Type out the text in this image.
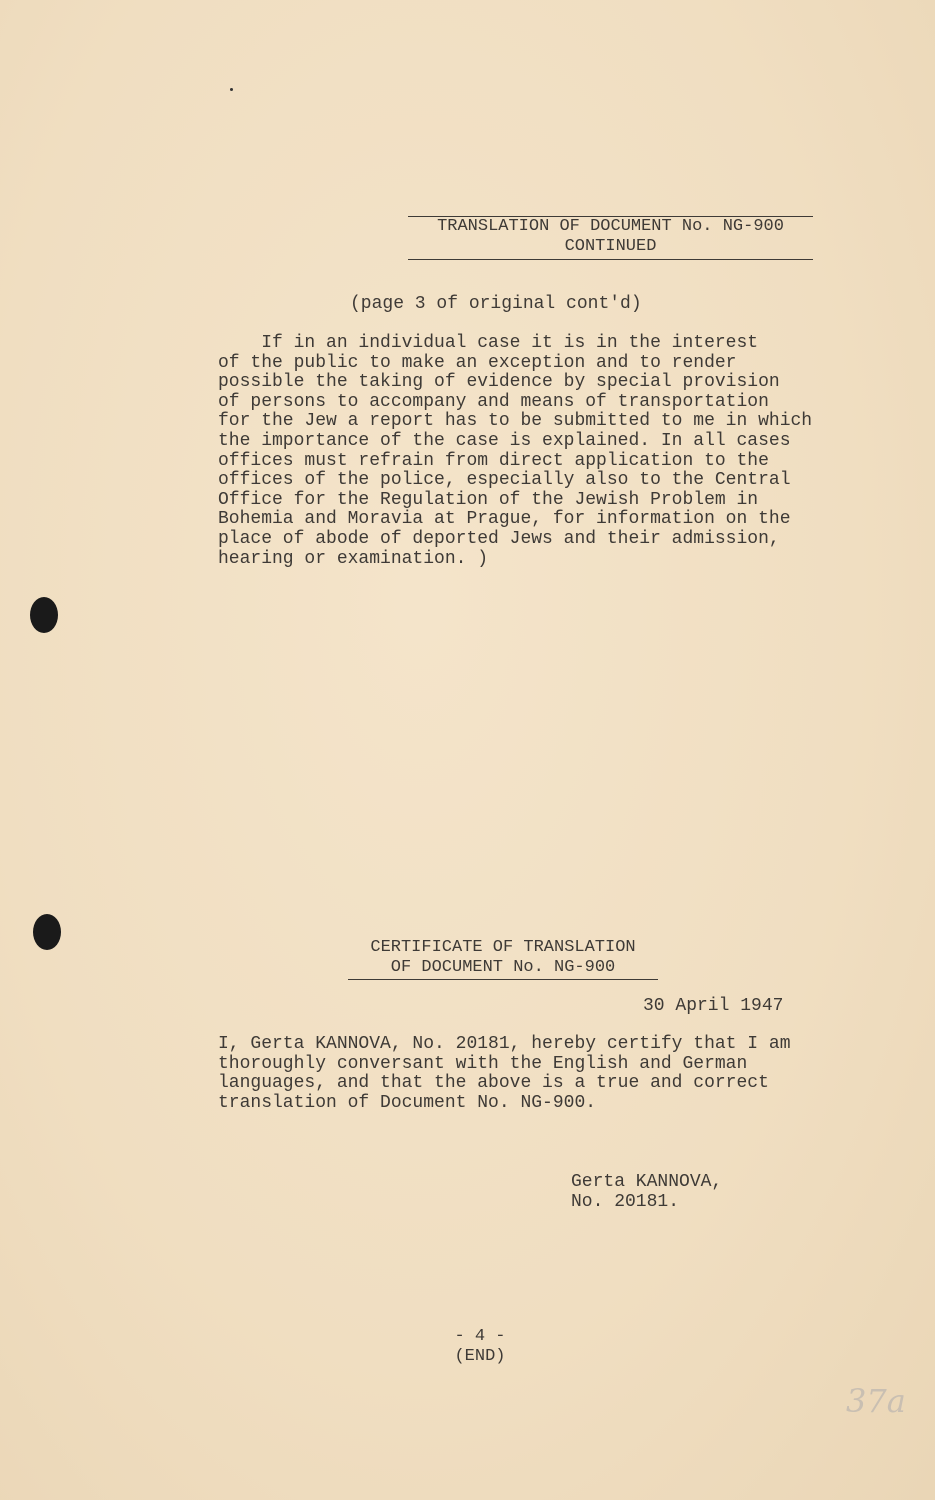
TRANSLATION OF DOCUMENT No. NG-900
CONTINUED
(page 3 of original cont'd)
If in an individual case it is in the interest
of the public to make an exception and to render
possible the taking of evidence by special provision
of persons to accompany and means of transportation
for the Jew a report has to be submitted to me in which
the importance of the case is explained. In all cases
offices must refrain from direct application to the
offices of the police, especially also to the Central
Office for the Regulation of the Jewish Problem in
Bohemia and Moravia at Prague, for information on the
place of abode of deported Jews and their admission,
hearing or examination. )
CERTIFICATE OF TRANSLATION
OF DOCUMENT No. NG-900
30 April 1947
I, Gerta KANNOVA, No. 20181, hereby certify that I am
thoroughly conversant with the English and German
languages, and that the above is a true and correct
translation of Document No. NG-900.
Gerta KANNOVA,
No. 20181.
- 4 -
(END)
37a
